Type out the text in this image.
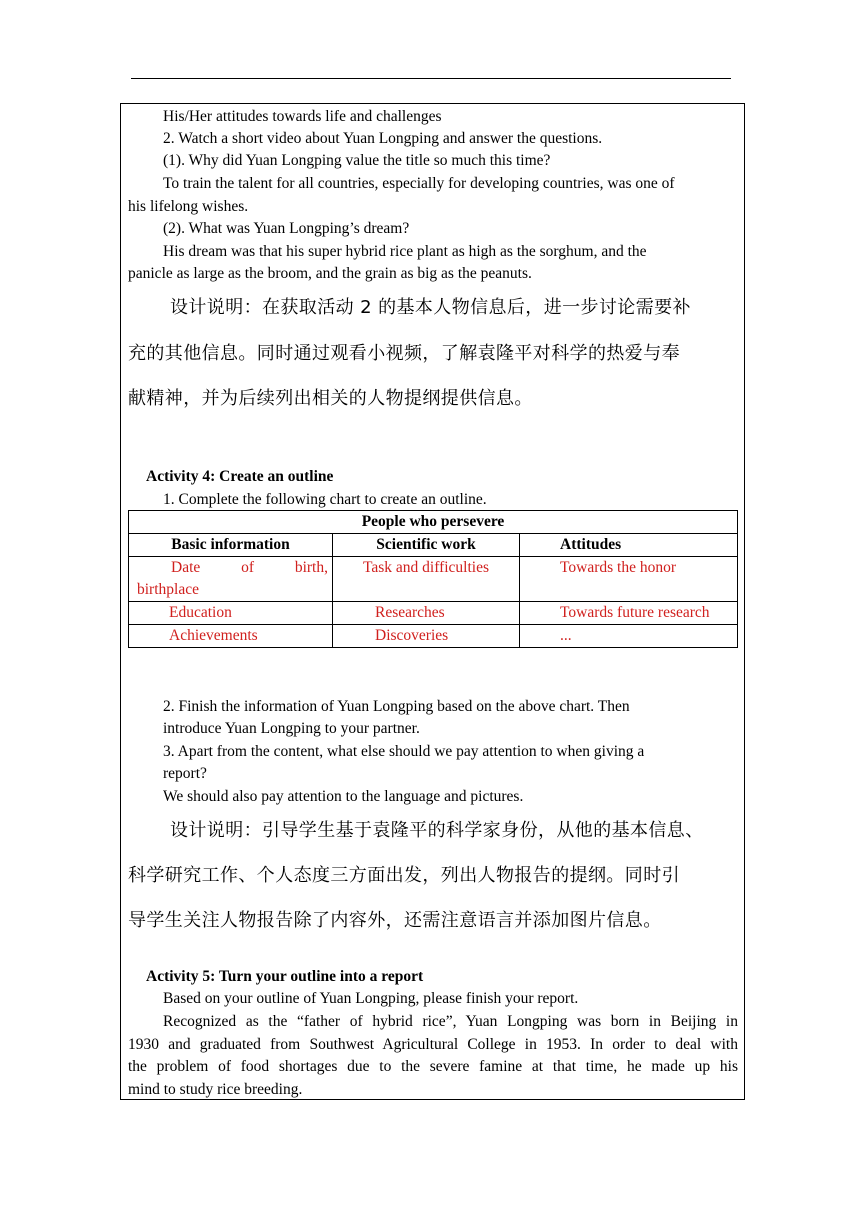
His/Her attitudes towards life and challenges
2. Watch a short video about Yuan Longping and answer the questions.
(1). Why did Yuan Longping value the title so much this time?
To train the talent for all countries, especially for developing countries, was one of
his lifelong wishes.
(2). What was Yuan Longping’s dream?
His dream was that his super hybrid rice plant as high as the sorghum, and the
panicle as large as the broom, and the grain as big as the peanuts.
设计说明：在获取活动 2 的基本人物信息后，进一步讨论需要补
充的其他信息。同时通过观看小视频，了解袁隆平对科学的热爱与奉
献精神，并为后续列出相关的人物提纲提供信息。
Activity 4: Create an outline
1. Complete the following chart to create an outline.
People who persevere		
Basic information	Scientific work	Attitudes

Date of birth,
birthplace	Task and difficulties	Towards the honor
Education	Researches	Towards future research
Achievements	Discoveries	...
2. Finish the information of Yuan Longping based on the above chart. Then
introduce Yuan Longping to your partner.
3. Apart from the content, what else should we pay attention to when giving a
report?
We should also pay attention to the language and pictures.
设计说明：引导学生基于袁隆平的科学家身份，从他的基本信息、
科学研究工作、个人态度三方面出发，列出人物报告的提纲。同时引
导学生关注人物报告除了内容外，还需注意语言并添加图片信息。
Activity 5: Turn your outline into a report
Based on your outline of Yuan Longping, please finish your report.
Recognized as the “father of hybrid rice”, Yuan Longping was born in Beijing in
1930 and graduated from Southwest Agricultural College in 1953. In order to deal with
the problem of food shortages due to the severe famine at that time, he made up his
mind to study rice breeding.
